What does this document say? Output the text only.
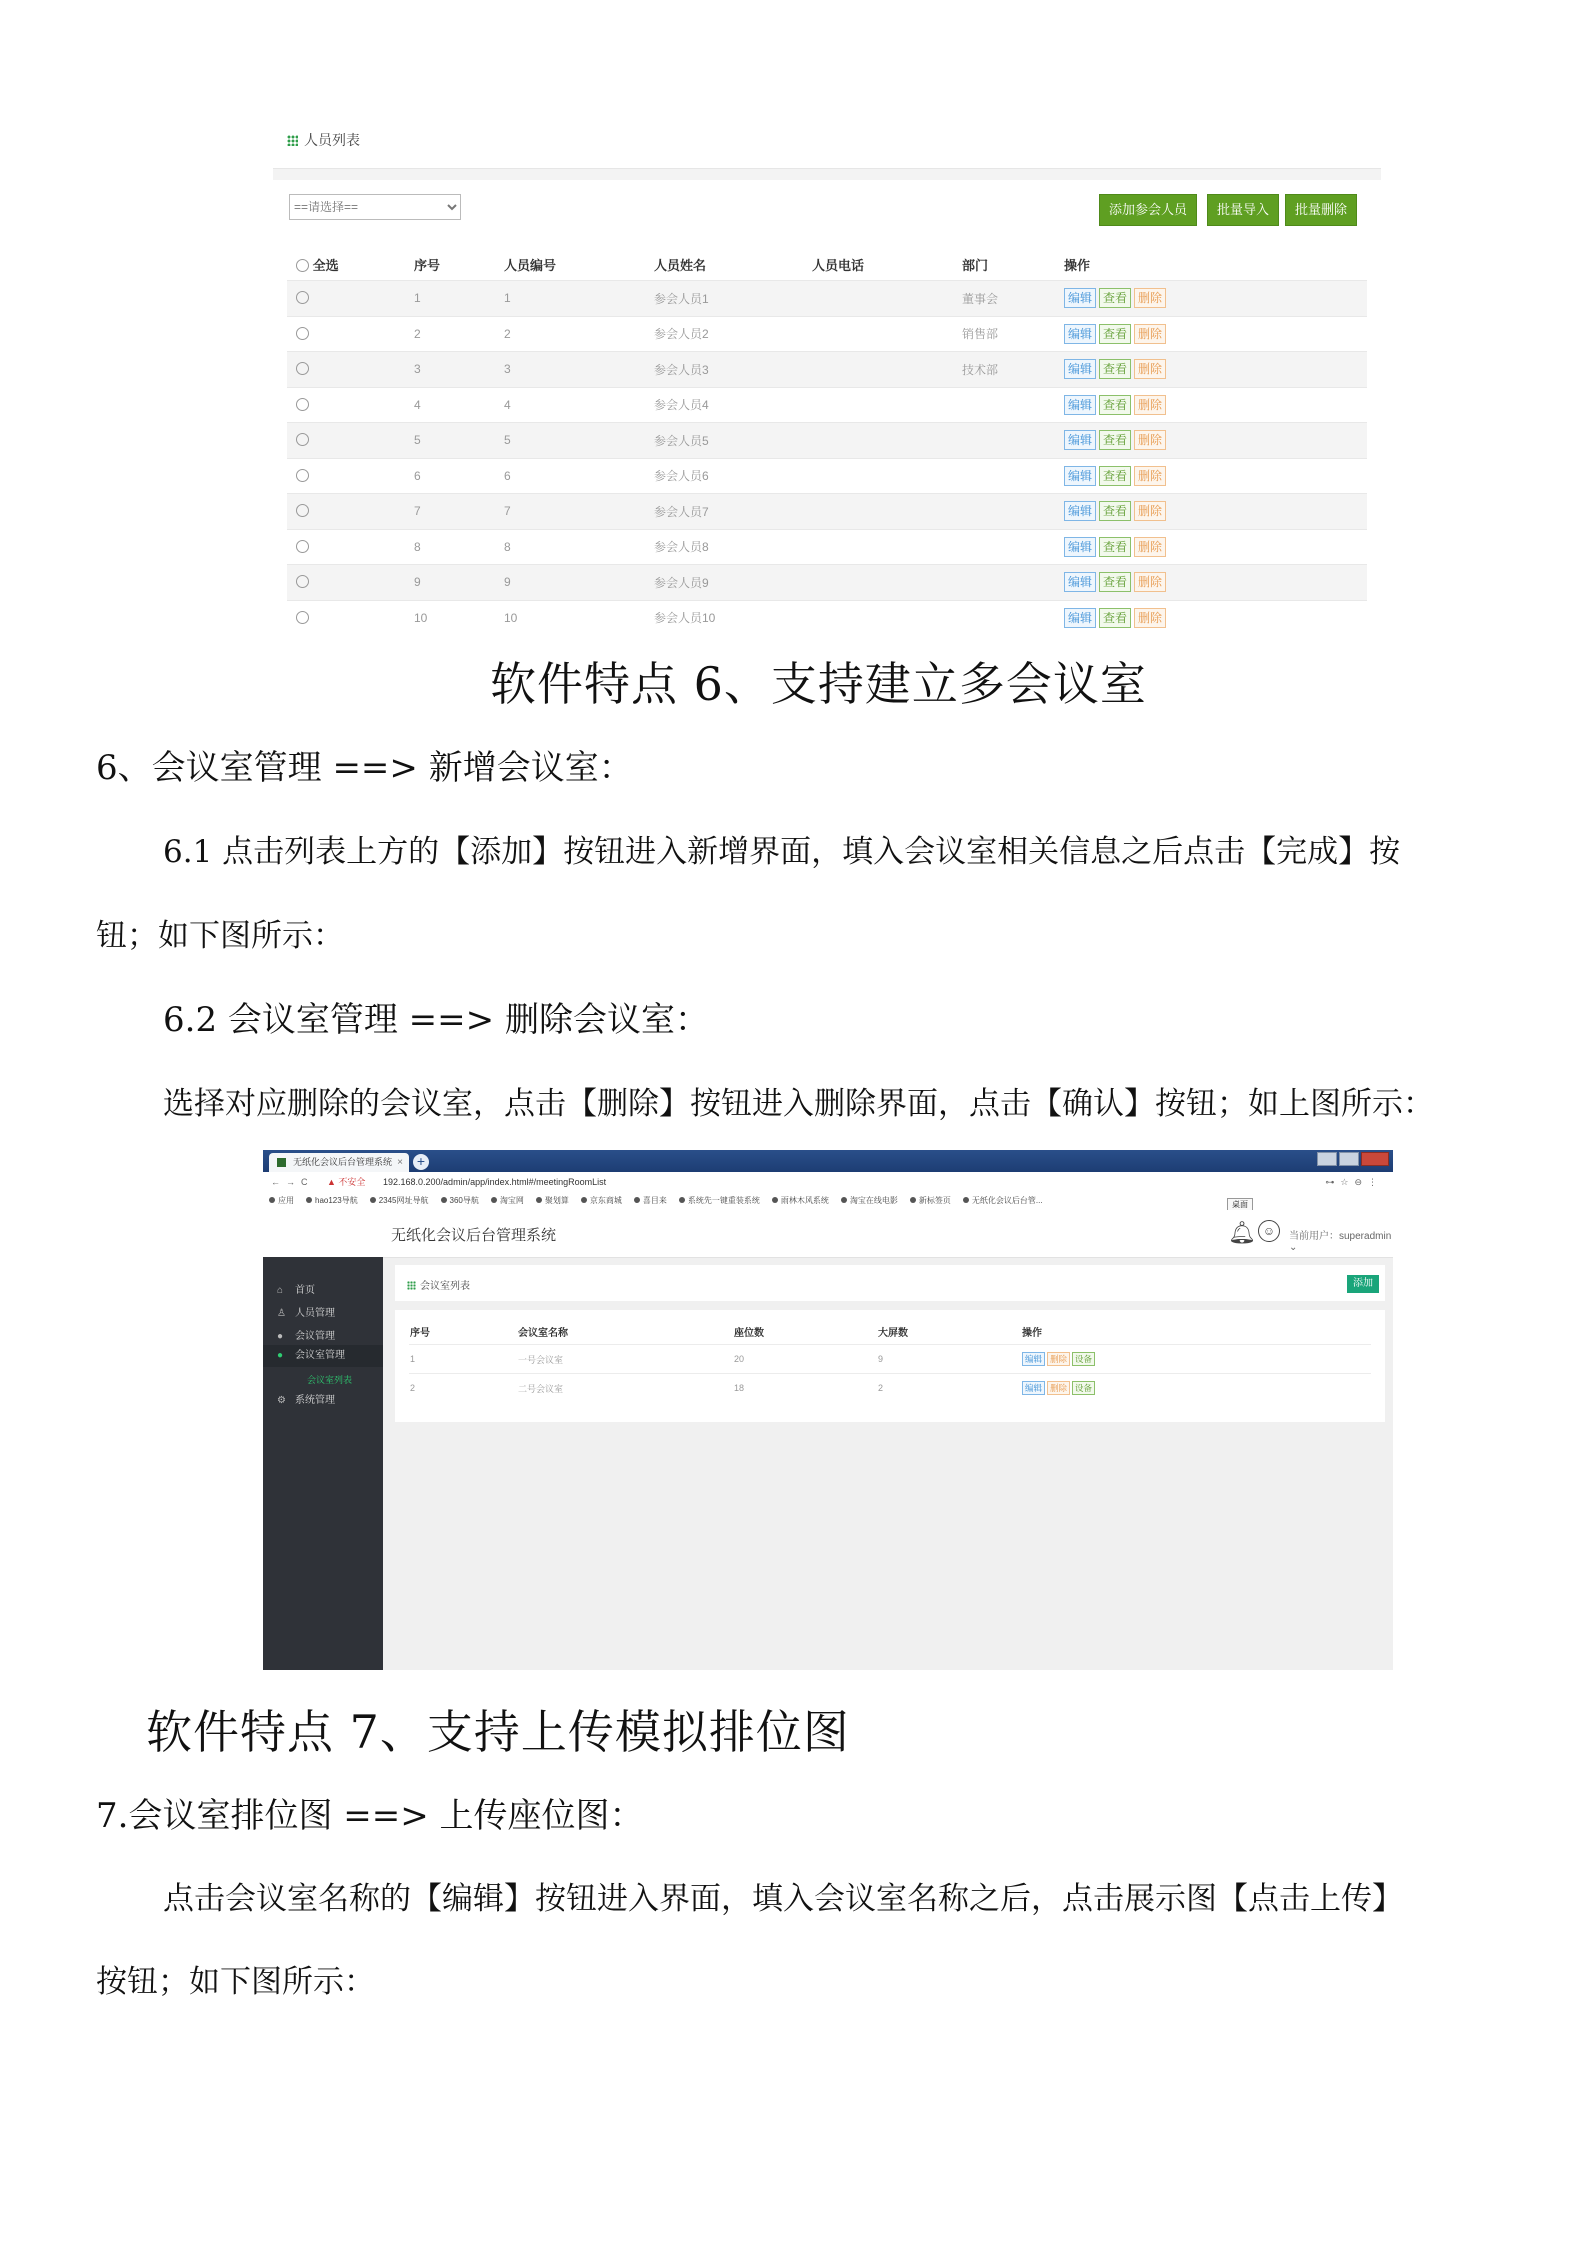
人员列表
==请选择==
添加参会人员	批量导入	批量删除
全选	序号	人员编号	人员姓名	人员电话	部门	操作
	1	1	参会人员1		董事会	编辑 查看 删除
	2	2	参会人员2		销售部	编辑 查看 删除
	3	3	参会人员3		技术部	编辑 查看 删除
	4	4	参会人员4			编辑 查看 删除
	5	5	参会人员5			编辑 查看 删除
	6	6	参会人员6			编辑 查看 删除
	7	7	参会人员7			编辑 查看 删除
	8	8	参会人员8			编辑 查看 删除
	9	9	参会人员9			编辑 查看 删除
	10	10	参会人员10			编辑 查看 删除
软件特点 6、支持建立多会议室
6、会议室管理 ==> 新增会议室：
6.1 点击列表上方的【添加】按钮进入新增界面，填入会议室相关信息之后点击【完成】按
钮；如下图所示：
6.2 会议室管理 ==> 删除会议室：
选择对应删除的会议室，点击【删除】按钮进入删除界面，点击【确认】按钮；如上图所示：
无纸化会议后台管理系统 × +
←→C ▲ 不安全 192.168.0.200/admin/app/index.html#/meetingRoomList	⊶☆⊖⋮
应用	hao123导航	2345网址导航	360导航	淘宝网	聚划算	京东商城	喜目来	系统先一键重装系统	雨林木风系统	淘宝在线电影	新标签页	无纸化会议后台管...	桌面
无纸化会议后台管理系统	🔔︎ ☺	当前用户：superadmin ⌄
⌂ 首页
♙ 人员管理
● 会议管理
● 会议室管理
会议室列表
⚙ 系统管理
会议室列表	添加
序号	会议室名称	座位数	大屏数	操作
1	一号会议室	20	9	编辑 删除 设备
2	二号会议室	18	2	编辑 删除 设备
软件特点 7、支持上传模拟排位图
7.会议室排位图 ==> 上传座位图：
点击会议室名称的【编辑】按钮进入界面，填入会议室名称之后，点击展示图【点击上传】
按钮；如下图所示：
